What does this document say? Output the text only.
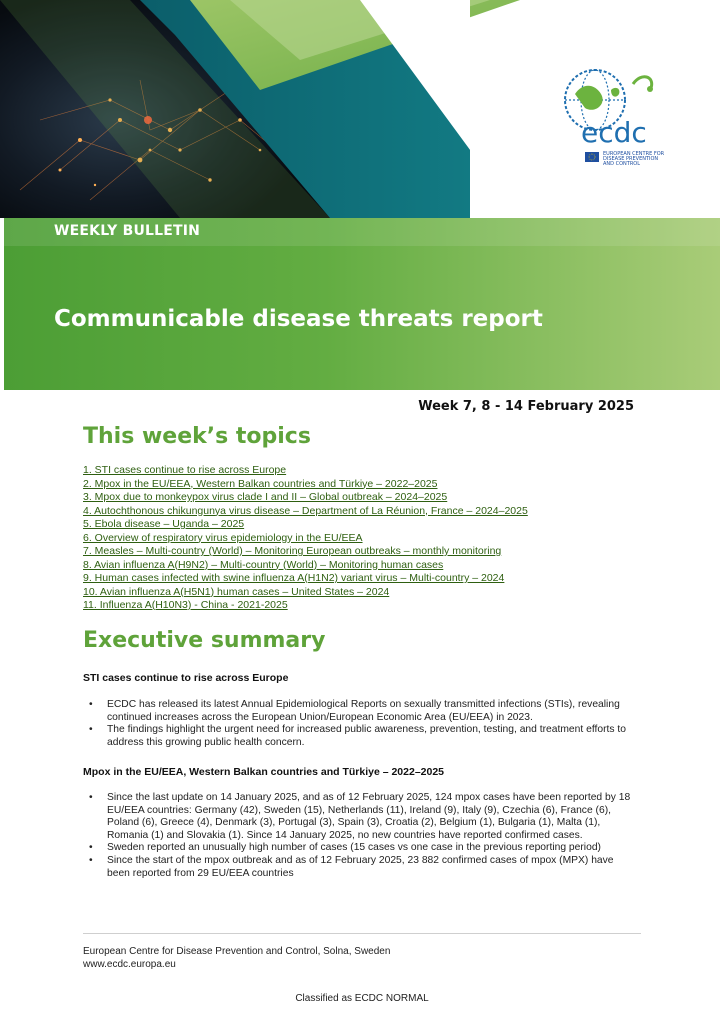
ecdc
EUROPEAN CENTRE FOR
DISEASE PREVENTION
AND CONTROL
WEEKLY BULLETIN
Communicable disease threats report
Week 7, 8 - 14 February 2025
This week’s topics
1. STI cases continue to rise across Europe
2. Mpox in the EU/EEA, Western Balkan countries and Türkiye – 2022–2025
3. Mpox due to monkeypox virus clade I and II – Global outbreak – 2024–2025
4. Autochthonous chikungunya virus disease – Department of La Réunion, France – 2024–2025
5. Ebola disease – Uganda – 2025
6. Overview of respiratory virus epidemiology in the EU/EEA
7. Measles – Multi-country (World) – Monitoring European outbreaks – monthly monitoring
8. Avian influenza A(H9N2) – Multi-country (World) – Monitoring human cases
9. Human cases infected with swine influenza A(H1N2) variant virus – Multi-country – 2024
10. Avian influenza A(H5N1) human cases – United States – 2024
11. Influenza A(H10N3) - China - 2021-2025
Executive summary
STI cases continue to rise across Europe
• ECDC has released its latest Annual Epidemiological Reports on sexually transmitted infections (STIs), revealing continued increases across the European Union/European Economic Area (EU/EEA) in 2023.
• The findings highlight the urgent need for increased public awareness, prevention, testing, and treatment efforts to address this growing public health concern.
Mpox in the EU/EEA, Western Balkan countries and Türkiye – 2022–2025
• Since the last update on 14 January 2025, and as of 12 February 2025, 124 mpox cases have been reported by 18 EU/EEA countries: Germany (42), Sweden (15), Netherlands (11), Ireland (9), Italy (9), Czechia (6), France (6), Poland (6), Greece (4), Denmark (3), Portugal (3), Spain (3), Croatia (2), Belgium (1), Bulgaria (1), Malta (1), Romania (1) and Slovakia (1). Since 14 January 2025, no new countries have reported confirmed cases.
• Sweden reported an unusually high number of cases (15 cases vs one case in the previous reporting period)
• Since the start of the mpox outbreak and as of 12 February 2025, 23 882 confirmed cases of mpox (MPX) have been reported from 29 EU/EEA countries
European Centre for Disease Prevention and Control, Solna, Sweden
www.ecdc.europa.eu
Classified as ECDC NORMAL
